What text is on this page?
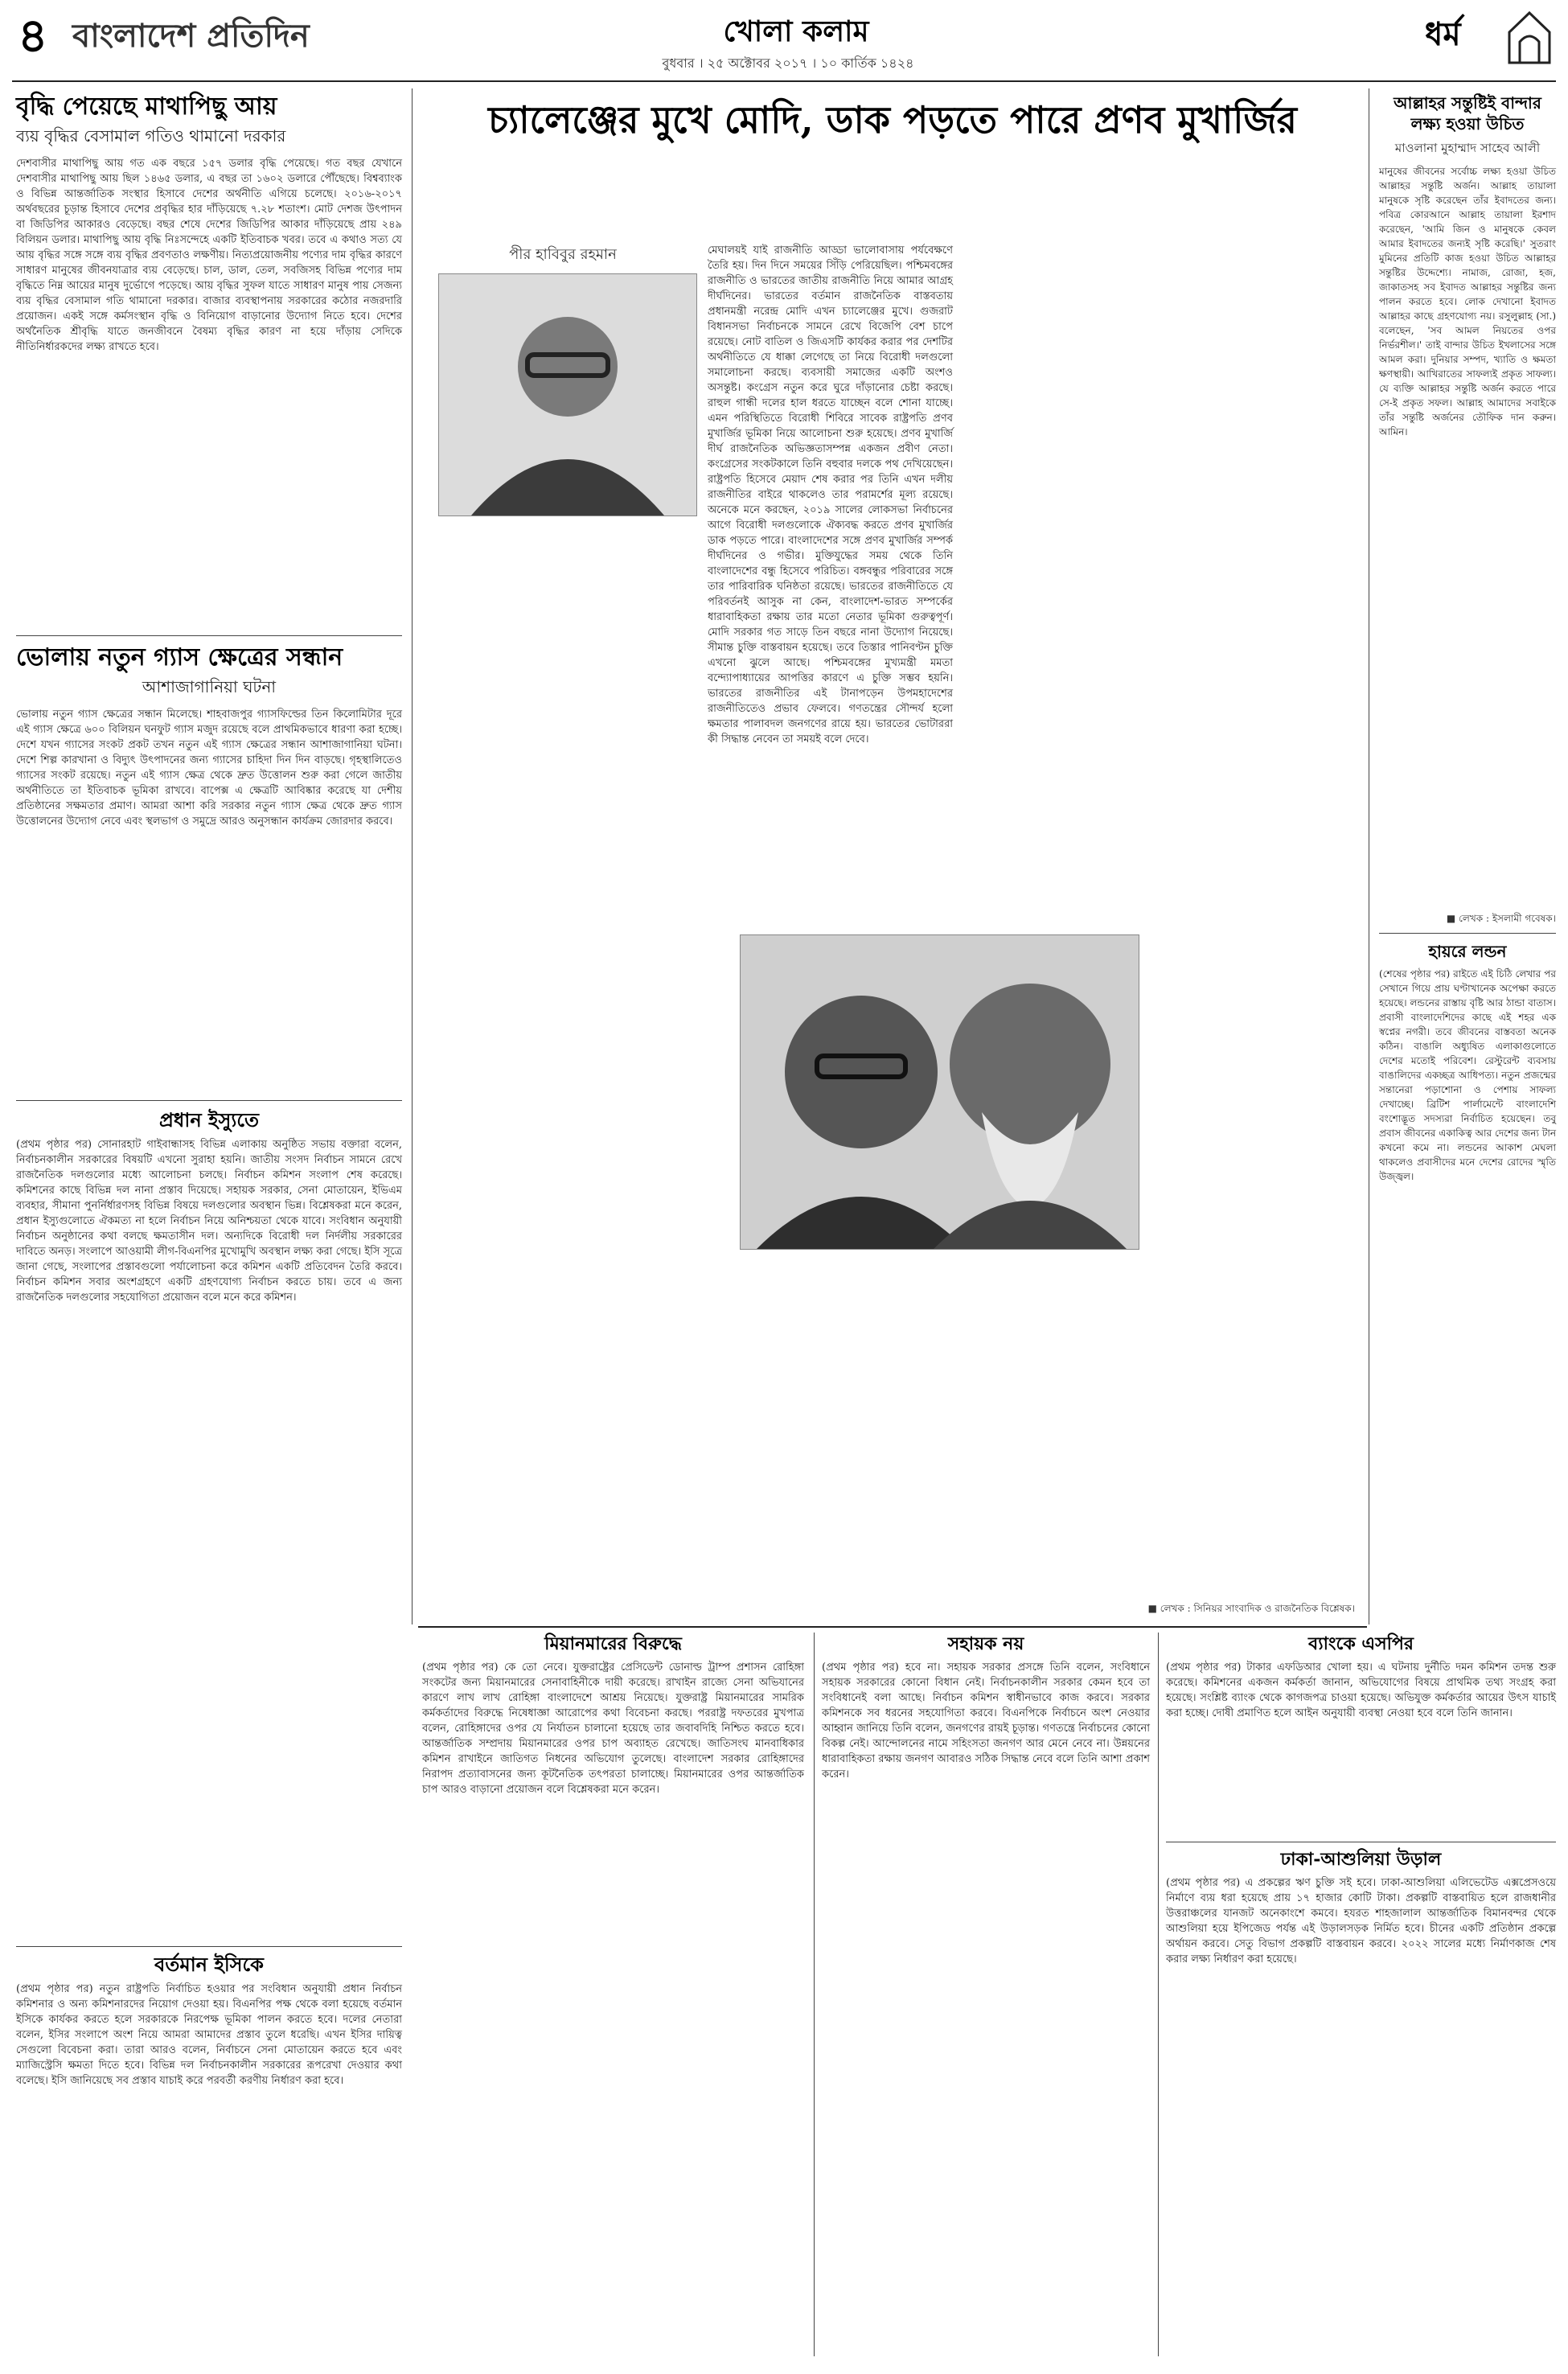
৪ বাংলাদেশ প্রতিদিন	খোলা কলাম
বুধবার । ২৫ অক্টোবর ২০১৭ । ১০ কার্তিক ১৪২৪
ধর্ম
বৃদ্ধি পেয়েছে মাথাপিছু আয়
ব্যয় বৃদ্ধির বেসামাল গতিও থামানো দরকার
দেশবাসীর মাথাপিছু আয় গত এক বছরে ১৫৭ ডলার বৃদ্ধি পেয়েছে। গত বছর যেখানে দেশবাসীর মাথাপিছু আয় ছিল ১৪৬৫ ডলার, এ বছর তা ১৬০২ ডলারে পৌঁছেছে। বিশ্বব্যাংক ও বিভিন্ন আন্তর্জাতিক সংস্থার হিসাবে দেশের অর্থনীতি এগিয়ে চলেছে। ২০১৬-২০১৭ অর্থবছরের চূড়ান্ত হিসাবে দেশের প্রবৃদ্ধির হার দাঁড়িয়েছে ৭.২৮ শতাংশ। মোট দেশজ উৎপাদন বা জিডিপির আকারও বেড়েছে। বছর শেষে দেশের জিডিপির আকার দাঁড়িয়েছে প্রায় ২৪৯ বিলিয়ন ডলার। মাথাপিছু আয় বৃদ্ধি নিঃসন্দেহে একটি ইতিবাচক খবর। তবে এ কথাও সত্য যে আয় বৃদ্ধির সঙ্গে সঙ্গে ব্যয় বৃদ্ধির প্রবণতাও লক্ষণীয়। নিত্যপ্রয়োজনীয় পণ্যের দাম বৃদ্ধির কারণে সাধারণ মানুষের জীবনযাত্রার ব্যয় বেড়েছে। চাল, ডাল, তেল, সবজিসহ বিভিন্ন পণ্যের দাম বৃদ্ধিতে নিম্ন আয়ের মানুষ দুর্ভোগে পড়েছে। আয় বৃদ্ধির সুফল যাতে সাধারণ মানুষ পায় সেজন্য ব্যয় বৃদ্ধির বেসামাল গতি থামানো দরকার। বাজার ব্যবস্থাপনায় সরকারের কঠোর নজরদারি প্রয়োজন। একই সঙ্গে কর্মসংস্থান বৃদ্ধি ও বিনিয়োগ বাড়ানোর উদ্যোগ নিতে হবে। দেশের অর্থনৈতিক শ্রীবৃদ্ধি যাতে জনজীবনে বৈষম্য বৃদ্ধির কারণ না হয়ে দাঁড়ায় সেদিকে নীতিনির্ধারকদের লক্ষ্য রাখতে হবে।
ভোলায় নতুন গ্যাস ক্ষেত্রের সন্ধান
আশাজাগানিয়া ঘটনা
ভোলায় নতুন গ্যাস ক্ষেত্রের সন্ধান মিলেছে। শাহবাজপুর গ্যাসফিল্ডের তিন কিলোমিটার দূরে এই গ্যাস ক্ষেত্রে ৬০০ বিলিয়ন ঘনফুট গ্যাস মজুদ রয়েছে বলে প্রাথমিকভাবে ধারণা করা হচ্ছে। দেশে যখন গ্যাসের সংকট প্রকট তখন নতুন এই গ্যাস ক্ষেত্রের সন্ধান আশাজাগানিয়া ঘটনা। দেশে শিল্প কারখানা ও বিদ্যুৎ উৎপাদনের জন্য গ্যাসের চাহিদা দিন দিন বাড়ছে। গৃহস্থালিতেও গ্যাসের সংকট রয়েছে। নতুন এই গ্যাস ক্ষেত্র থেকে দ্রুত উত্তোলন শুরু করা গেলে জাতীয় অর্থনীতিতে তা ইতিবাচক ভূমিকা রাখবে। বাপেক্স এ ক্ষেত্রটি আবিষ্কার করেছে যা দেশীয় প্রতিষ্ঠানের সক্ষমতার প্রমাণ। আমরা আশা করি সরকার নতুন গ্যাস ক্ষেত্র থেকে দ্রুত গ্যাস উত্তোলনের উদ্যোগ নেবে এবং স্থলভাগ ও সমুদ্রে আরও অনুসন্ধান কার্যক্রম জোরদার করবে।
প্রধান ইস্যুতে
(প্রথম পৃষ্ঠার পর) সোনারহাট গাইবান্ধাসহ বিভিন্ন এলাকায় অনুষ্ঠিত সভায় বক্তারা বলেন, নির্বাচনকালীন সরকারের বিষয়টি এখনো সুরাহা হয়নি। জাতীয় সংসদ নির্বাচন সামনে রেখে রাজনৈতিক দলগুলোর মধ্যে আলোচনা চলছে। নির্বাচন কমিশন সংলাপ শেষ করেছে। কমিশনের কাছে বিভিন্ন দল নানা প্রস্তাব দিয়েছে। সহায়ক সরকার, সেনা মোতায়েন, ইভিএম ব্যবহার, সীমানা পুনর্নির্ধারণসহ বিভিন্ন বিষয়ে দলগুলোর অবস্থান ভিন্ন। বিশ্লেষকরা মনে করেন, প্রধান ইস্যুগুলোতে ঐকমত্য না হলে নির্বাচন নিয়ে অনিশ্চয়তা থেকে যাবে। সংবিধান অনুযায়ী নির্বাচন অনুষ্ঠানের কথা বলছে ক্ষমতাসীন দল। অন্যদিকে বিরোধী দল নির্দলীয় সরকারের দাবিতে অনড়। সংলাপে আওয়ামী লীগ-বিএনপির মুখোমুখি অবস্থান লক্ষ্য করা গেছে। ইসি সূত্রে জানা গেছে, সংলাপের প্রস্তাবগুলো পর্যালোচনা করে কমিশন একটি প্রতিবেদন তৈরি করবে। নির্বাচন কমিশন সবার অংশগ্রহণে একটি গ্রহণযোগ্য নির্বাচন করতে চায়। তবে এ জন্য রাজনৈতিক দলগুলোর সহযোগিতা প্রয়োজন বলে মনে করে কমিশন।
বর্তমান ইসিকে
(প্রথম পৃষ্ঠার পর) নতুন রাষ্ট্রপতি নির্বাচিত হওয়ার পর সংবিধান অনুযায়ী প্রধান নির্বাচন কমিশনার ও অন্য কমিশনারদের নিয়োগ দেওয়া হয়। বিএনপির পক্ষ থেকে বলা হয়েছে বর্তমান ইসিকে কার্যকর করতে হলে সরকারকে নিরপেক্ষ ভূমিকা পালন করতে হবে। দলের নেতারা বলেন, ইসির সংলাপে অংশ নিয়ে আমরা আমাদের প্রস্তাব তুলে ধরেছি। এখন ইসির দায়িত্ব সেগুলো বিবেচনা করা। তারা আরও বলেন, নির্বাচনে সেনা মোতায়েন করতে হবে এবং ম্যাজিস্ট্রেসি ক্ষমতা দিতে হবে। বিভিন্ন দল নির্বাচনকালীন সরকারের রূপরেখা দেওয়ার কথা বলেছে। ইসি জানিয়েছে সব প্রস্তাব যাচাই করে পরবর্তী করণীয় নির্ধারণ করা হবে।
চ্যালেঞ্জের মুখে মোদি, ডাক পড়তে পারে প্রণব মুখার্জির
পীর হাবিবুর রহমান	মেঘালয়ই যাই রাজনীতি আড্ডা ভালোবাসায় পর্যবেক্ষণে তৈরি হয়। দিন দিনে সময়ের সিঁড়ি পেরিয়েছিল। পশ্চিমবঙ্গের রাজনীতি ও ভারতের জাতীয় রাজনীতি নিয়ে আমার আগ্রহ দীর্ঘদিনের। ভারতের বর্তমান রাজনৈতিক বাস্তবতায় প্রধানমন্ত্রী নরেন্দ্র মোদি এখন চ্যালেঞ্জের মুখে। গুজরাট বিধানসভা নির্বাচনকে সামনে রেখে বিজেপি বেশ চাপে রয়েছে। নোট বাতিল ও জিএসটি কার্যকর করার পর দেশটির অর্থনীতিতে যে ধাক্কা লেগেছে তা নিয়ে বিরোধী দলগুলো সমালোচনা করছে। ব্যবসায়ী সমাজের একটি অংশও অসন্তুষ্ট। কংগ্রেস নতুন করে ঘুরে দাঁড়ানোর চেষ্টা করছে। রাহুল গান্ধী দলের হাল ধরতে যাচ্ছেন বলে শোনা যাচ্ছে। এমন পরিস্থিতিতে বিরোধী শিবিরে সাবেক রাষ্ট্রপতি প্রণব মুখার্জির ভূমিকা নিয়ে আলোচনা শুরু হয়েছে। প্রণব মুখার্জি দীর্ঘ রাজনৈতিক অভিজ্ঞতাসম্পন্ন একজন প্রবীণ নেতা। কংগ্রেসের সংকটকালে তিনি বহুবার দলকে পথ দেখিয়েছেন। রাষ্ট্রপতি হিসেবে মেয়াদ শেষ করার পর তিনি এখন দলীয় রাজনীতির বাইরে থাকলেও তার পরামর্শের মূল্য রয়েছে। অনেকে মনে করছেন, ২০১৯ সালের লোকসভা নির্বাচনের আগে বিরোধী দলগুলোকে ঐক্যবদ্ধ করতে প্রণব মুখার্জির ডাক পড়তে পারে। বাংলাদেশের সঙ্গে প্রণব মুখার্জির সম্পর্ক দীর্ঘদিনের ও গভীর। মুক্তিযুদ্ধের সময় থেকে তিনি বাংলাদেশের বন্ধু হিসেবে পরিচিত। বঙ্গবন্ধুর পরিবারের সঙ্গে তার পারিবারিক ঘনিষ্ঠতা রয়েছে। ভারতের রাজনীতিতে যে পরিবর্তনই আসুক না কেন, বাংলাদেশ-ভারত সম্পর্কের ধারাবাহিকতা রক্ষায় তার মতো নেতার ভূমিকা গুরুত্বপূর্ণ। মোদি সরকার গত সাড়ে তিন বছরে নানা উদ্যোগ নিয়েছে। সীমান্ত চুক্তি বাস্তবায়ন হয়েছে। তবে তিস্তার পানিবণ্টন চুক্তি এখনো ঝুলে আছে। পশ্চিমবঙ্গের মুখ্যমন্ত্রী মমতা বন্দ্যোপাধ্যায়ের আপত্তির কারণে এ চুক্তি সম্ভব হয়নি। ভারতের রাজনীতির এই টানাপড়েন উপমহাদেশের রাজনীতিতেও প্রভাব ফেলবে। গণতন্ত্রের সৌন্দর্য হলো ক্ষমতার পালাবদল জনগণের রায়ে হয়। ভারতের ভোটাররা কী সিদ্ধান্ত নেবেন তা সময়ই বলে দেবে।
■ লেখক : সিনিয়র সাংবাদিক ও রাজনৈতিক বিশ্লেষক।
আল্লাহর সন্তুষ্টিই বান্দার লক্ষ্য হওয়া উচিত
মাওলানা মুহাম্মাদ সাহেব আলী
মানুষের জীবনের সর্বোচ্চ লক্ষ্য হওয়া উচিত আল্লাহর সন্তুষ্টি অর্জন। আল্লাহ তায়ালা মানুষকে সৃষ্টি করেছেন তাঁর ইবাদতের জন্য। পবিত্র কোরআনে আল্লাহ তায়ালা ইরশাদ করেছেন, 'আমি জিন ও মানুষকে কেবল আমার ইবাদতের জন্যই সৃষ্টি করেছি।' সুতরাং মুমিনের প্রতিটি কাজ হওয়া উচিত আল্লাহর সন্তুষ্টির উদ্দেশ্যে। নামাজ, রোজা, হজ, জাকাতসহ সব ইবাদত আল্লাহর সন্তুষ্টির জন্য পালন করতে হবে। লোক দেখানো ইবাদত আল্লাহর কাছে গ্রহণযোগ্য নয়। রসুলুল্লাহ (সা.) বলেছেন, 'সব আমল নিয়তের ওপর নির্ভরশীল।' তাই বান্দার উচিত ইখলাসের সঙ্গে আমল করা। দুনিয়ার সম্পদ, খ্যাতি ও ক্ষমতা ক্ষণস্থায়ী। আখিরাতের সাফল্যই প্রকৃত সাফল্য। যে ব্যক্তি আল্লাহর সন্তুষ্টি অর্জন করতে পারে সে-ই প্রকৃত সফল। আল্লাহ আমাদের সবাইকে তাঁর সন্তুষ্টি অর্জনের তৌফিক দান করুন। আমিন।
■ লেখক : ইসলামী গবেষক।
হায়রে লন্ডন
(শেষের পৃষ্ঠার পর) রাইতে এই চিঠি লেখার পর সেখানে গিয়ে প্রায় ঘণ্টাখানেক অপেক্ষা করতে হয়েছে। লন্ডনের রাস্তায় বৃষ্টি আর ঠান্ডা বাতাস। প্রবাসী বাংলাদেশিদের কাছে এই শহর এক স্বপ্নের নগরী। তবে জীবনের বাস্তবতা অনেক কঠিন। বাঙালি অধ্যুষিত এলাকাগুলোতে দেশের মতোই পরিবেশ। রেস্টুরেন্ট ব্যবসায় বাঙালিদের একচ্ছত্র আধিপত্য। নতুন প্রজন্মের সন্তানেরা পড়াশোনা ও পেশায় সাফল্য দেখাচ্ছে। ব্রিটিশ পার্লামেন্টে বাংলাদেশি বংশোদ্ভূত সদস্যরা নির্বাচিত হয়েছেন। তবু প্রবাস জীবনের একাকিত্ব আর দেশের জন্য টান কখনো কমে না। লন্ডনের আকাশ মেঘলা থাকলেও প্রবাসীদের মনে দেশের রোদের স্মৃতি উজ্জ্বল।
মিয়ানমারের বিরুদ্ধে
(প্রথম পৃষ্ঠার পর) কে তো নেবে। যুক্তরাষ্ট্রের প্রেসিডেন্ট ডোনাল্ড ট্রাম্প প্রশাসন রোহিঙ্গা সংকটের জন্য মিয়ানমারের সেনাবাহিনীকে দায়ী করেছে। রাখাইন রাজ্যে সেনা অভিযানের কারণে লাখ লাখ রোহিঙ্গা বাংলাদেশে আশ্রয় নিয়েছে। যুক্তরাষ্ট্র মিয়ানমারের সামরিক কর্মকর্তাদের বিরুদ্ধে নিষেধাজ্ঞা আরোপের কথা বিবেচনা করছে। পররাষ্ট্র দফতরের মুখপাত্র বলেন, রোহিঙ্গাদের ওপর যে নির্যাতন চালানো হয়েছে তার জবাবদিহি নিশ্চিত করতে হবে। আন্তর্জাতিক সম্প্রদায় মিয়ানমারের ওপর চাপ অব্যাহত রেখেছে। জাতিসংঘ মানবাধিকার কমিশন রাখাইনে জাতিগত নিধনের অভিযোগ তুলেছে। বাংলাদেশ সরকার রোহিঙ্গাদের নিরাপদ প্রত্যাবাসনের জন্য কূটনৈতিক তৎপরতা চালাচ্ছে। মিয়ানমারের ওপর আন্তর্জাতিক চাপ আরও বাড়ানো প্রয়োজন বলে বিশ্লেষকরা মনে করেন।
সহায়ক নয়
(প্রথম পৃষ্ঠার পর) হবে না। সহায়ক সরকার প্রসঙ্গে তিনি বলেন, সংবিধানে সহায়ক সরকারের কোনো বিধান নেই। নির্বাচনকালীন সরকার কেমন হবে তা সংবিধানেই বলা আছে। নির্বাচন কমিশন স্বাধীনভাবে কাজ করবে। সরকার কমিশনকে সব ধরনের সহযোগিতা করবে। বিএনপিকে নির্বাচনে অংশ নেওয়ার আহ্বান জানিয়ে তিনি বলেন, জনগণের রায়ই চূড়ান্ত। গণতন্ত্রে নির্বাচনের কোনো বিকল্প নেই। আন্দোলনের নামে সহিংসতা জনগণ আর মেনে নেবে না। উন্নয়নের ধারাবাহিকতা রক্ষায় জনগণ আবারও সঠিক সিদ্ধান্ত নেবে বলে তিনি আশা প্রকাশ করেন।
ব্যাংকে এসপির
(প্রথম পৃষ্ঠার পর) টাকার এফডিআর খোলা হয়। এ ঘটনায় দুর্নীতি দমন কমিশন তদন্ত শুরু করেছে। কমিশনের একজন কর্মকর্তা জানান, অভিযোগের বিষয়ে প্রাথমিক তথ্য সংগ্রহ করা হয়েছে। সংশ্লিষ্ট ব্যাংক থেকে কাগজপত্র চাওয়া হয়েছে। অভিযুক্ত কর্মকর্তার আয়ের উৎস যাচাই করা হচ্ছে। দোষী প্রমাণিত হলে আইন অনুযায়ী ব্যবস্থা নেওয়া হবে বলে তিনি জানান।
ঢাকা-আশুলিয়া উড়াল
(প্রথম পৃষ্ঠার পর) এ প্রকল্পের ঋণ চুক্তি সই হবে। ঢাকা-আশুলিয়া এলিভেটেড এক্সপ্রেসওয়ে নির্মাণে ব্যয় ধরা হয়েছে প্রায় ১৭ হাজার কোটি টাকা। প্রকল্পটি বাস্তবায়িত হলে রাজধানীর উত্তরাঞ্চলের যানজট অনেকাংশে কমবে। হযরত শাহজালাল আন্তর্জাতিক বিমানবন্দর থেকে আশুলিয়া হয়ে ইপিজেড পর্যন্ত এই উড়ালসড়ক নির্মিত হবে। চীনের একটি প্রতিষ্ঠান প্রকল্পে অর্থায়ন করবে। সেতু বিভাগ প্রকল্পটি বাস্তবায়ন করবে। ২০২২ সালের মধ্যে নির্মাণকাজ শেষ করার লক্ষ্য নির্ধারণ করা হয়েছে।
